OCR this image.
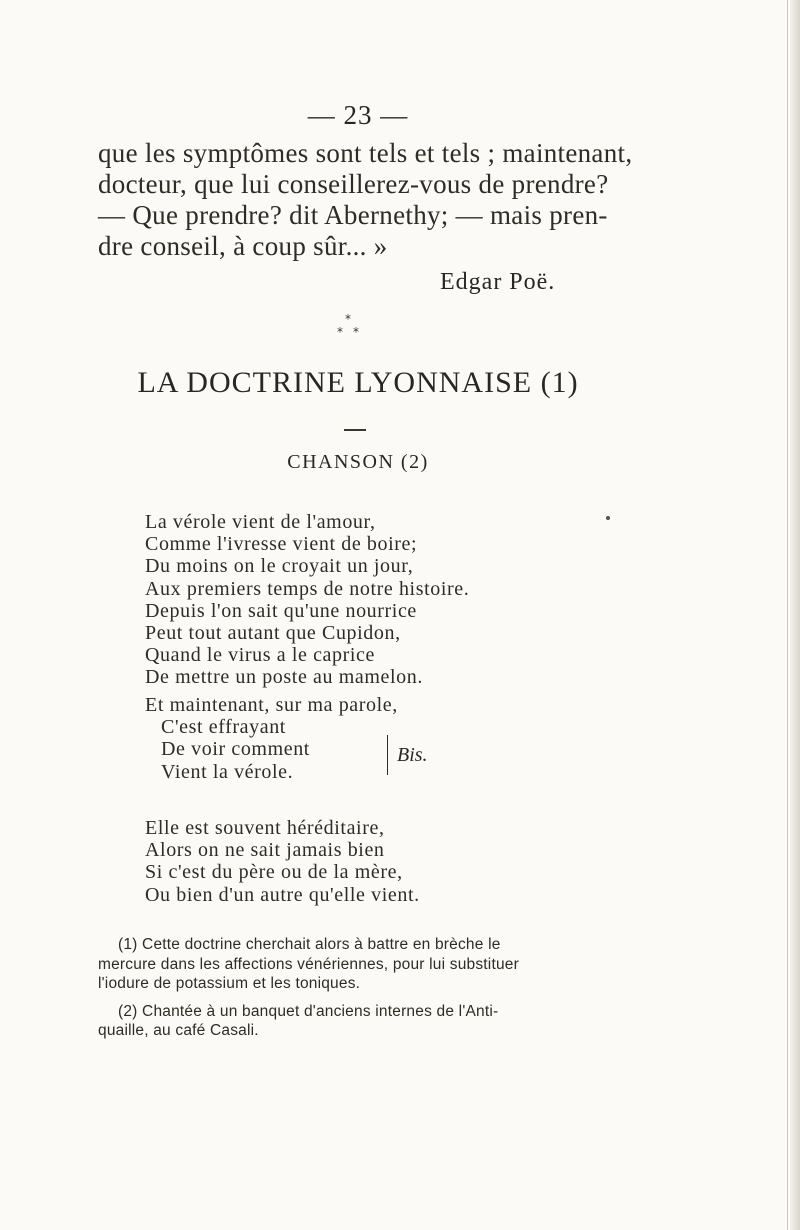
— 23 —

que les symptômes sont tels et tels ; maintenant,
docteur, que lui conseillerez-vous de prendre?
— Que prendre? dit Abernethy; — mais pren-
dre conseil, à coup sûr... »

Edgar Poë.

*
* *
LA DOCTRINE LYONNAISE (1)
CHANSON (2)
La vérole vient de l'amour,
Comme l'ivresse vient de boire;
Du moins on le croyait un jour,
Aux premiers temps de notre histoire.
Depuis l'on sait qu'une nourrice
Peut tout autant que Cupidon,
Quand le virus a le caprice
De mettre un poste au mamelon.
Et maintenant, sur ma parole,
C'est effrayant
De voir comment
Vient la vérole.
Bis.
Elle est souvent héréditaire,
Alors on ne sait jamais bien
Si c'est du père ou de la mère,
Ou bien d'un autre qu'elle vient.
(1) Cette doctrine cherchait alors à battre en brèche le
mercure dans les affections vénériennes, pour lui substituer
l'iodure de potassium et les toniques.
(2) Chantée à un banquet d'anciens internes de l'Anti-
quaille, au café Casali.
